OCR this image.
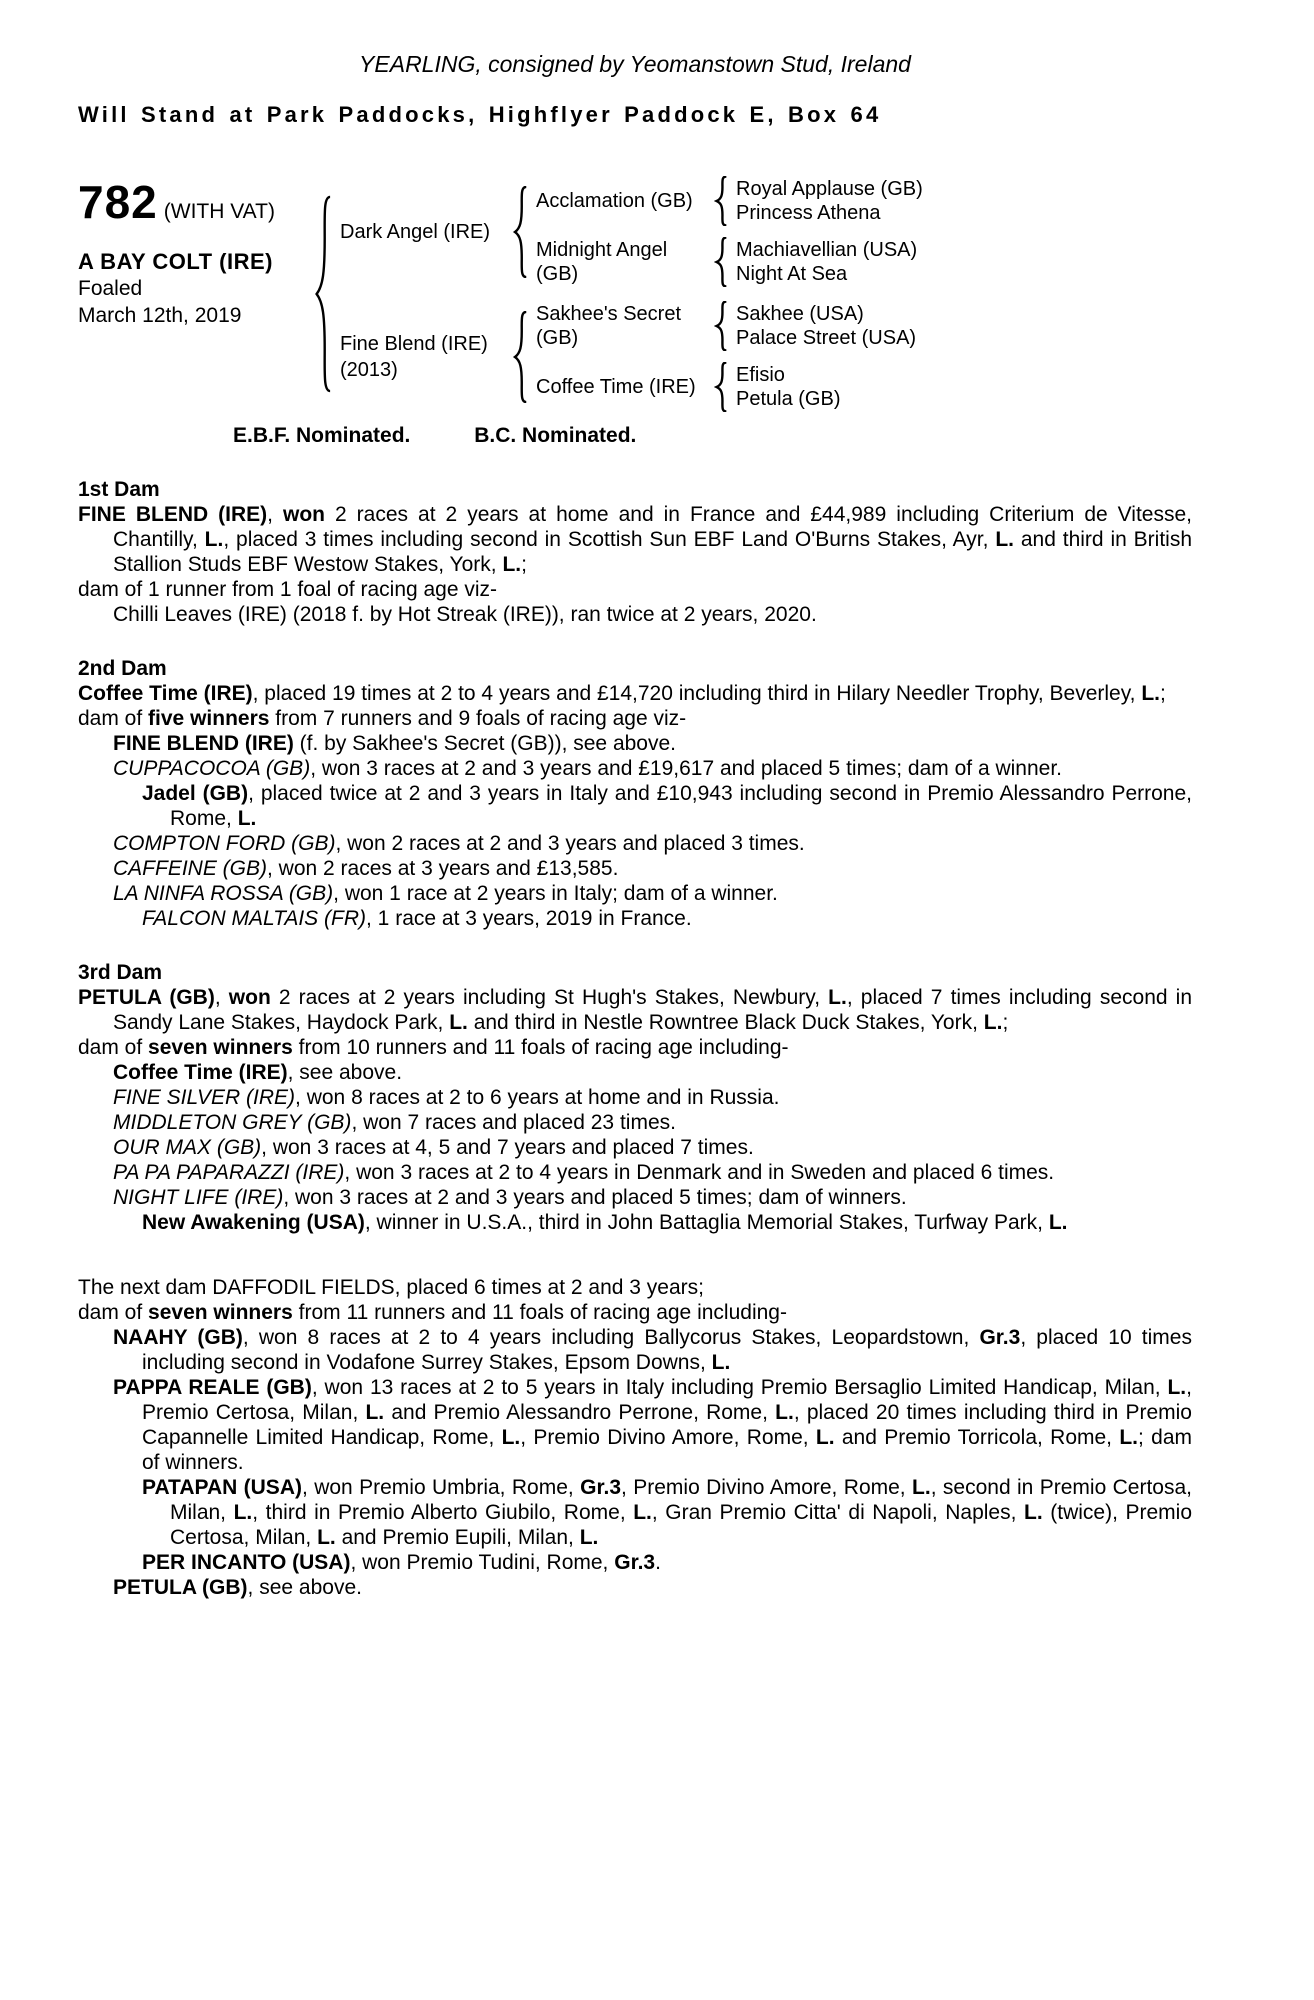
YEARLING, consigned by Yeomanstown Stud, Ireland

Will Stand at Park Paddocks, Highflyer Paddock E, Box 64

782 (WITH VAT)
A BAY COLT (IRE)
Foaled
March 12th, 2019
Dark Angel (IRE)
Acclamation (GB)
Royal Applause (GB)
Princess Athena
Midnight Angel (GB)
Machiavellian (USA)
Night At Sea
Fine Blend (IRE)
(2013)
Sakhee's Secret
(GB)
Sakhee (USA)
Palace Street (USA)
Coffee Time (IRE)
Efisio
Petula (GB)
E.B.F. Nominated.	B.C. Nominated.
1st Dam

FINE BLEND (IRE), won 2 races at 2 years at home and in France and £44,989 including Criterium de Vitesse, Chantilly, L., placed 3 times including second in Scottish Sun EBF Land O'Burns Stakes, Ayr, L. and third in British Stallion Studs EBF Westow Stakes, York, L.;

dam of 1 runner from 1 foal of racing age viz-

Chilli Leaves (IRE) (2018 f. by Hot Streak (IRE)), ran twice at 2 years, 2020.

2nd Dam

Coffee Time (IRE), placed 19 times at 2 to 4 years and £14,720 including third in Hilary Needler Trophy, Beverley, L.;

dam of five winners from 7 runners and 9 foals of racing age viz-

FINE BLEND (IRE) (f. by Sakhee's Secret (GB)), see above.

CUPPACOCOA (GB), won 3 races at 2 and 3 years and £19,617 and placed 5 times; dam of a winner.

Jadel (GB), placed twice at 2 and 3 years in Italy and £10,943 including second in Premio Alessandro Perrone, Rome, L.

COMPTON FORD (GB), won 2 races at 2 and 3 years and placed 3 times.

CAFFEINE (GB), won 2 races at 3 years and £13,585.

LA NINFA ROSSA (GB), won 1 race at 2 years in Italy; dam of a winner.

FALCON MALTAIS (FR), 1 race at 3 years, 2019 in France.

3rd Dam

PETULA (GB), won 2 races at 2 years including St Hugh's Stakes, Newbury, L., placed 7 times including second in Sandy Lane Stakes, Haydock Park, L. and third in Nestle Rowntree Black Duck Stakes, York, L.;

dam of seven winners from 10 runners and 11 foals of racing age including-

Coffee Time (IRE), see above.

FINE SILVER (IRE), won 8 races at 2 to 6 years at home and in Russia.

MIDDLETON GREY (GB), won 7 races and placed 23 times.

OUR MAX (GB), won 3 races at 4, 5 and 7 years and placed 7 times.

PA PA PAPARAZZI (IRE), won 3 races at 2 to 4 years in Denmark and in Sweden and placed 6 times.

NIGHT LIFE (IRE), won 3 races at 2 and 3 years and placed 5 times; dam of winners.

New Awakening (USA), winner in U.S.A., third in John Battaglia Memorial Stakes, Turfway Park, L.

The next dam DAFFODIL FIELDS, placed 6 times at 2 and 3 years;

dam of seven winners from 11 runners and 11 foals of racing age including-

NAAHY (GB), won 8 races at 2 to 4 years including Ballycorus Stakes, Leopardstown, Gr.3, placed 10 times including second in Vodafone Surrey Stakes, Epsom Downs, L.

PAPPA REALE (GB), won 13 races at 2 to 5 years in Italy including Premio Bersaglio Limited Handicap, Milan, L., Premio Certosa, Milan, L. and Premio Alessandro Perrone, Rome, L., placed 20 times including third in Premio Capannelle Limited Handicap, Rome, L., Premio Divino Amore, Rome, L. and Premio Torricola, Rome, L.; dam of winners.

PATAPAN (USA), won Premio Umbria, Rome, Gr.3, Premio Divino Amore, Rome, L., second in Premio Certosa, Milan, L., third in Premio Alberto Giubilo, Rome, L., Gran Premio Citta' di Napoli, Naples, L. (twice), Premio Certosa, Milan, L. and Premio Eupili, Milan, L.

PER INCANTO (USA), won Premio Tudini, Rome, Gr.3.

PETULA (GB), see above.
